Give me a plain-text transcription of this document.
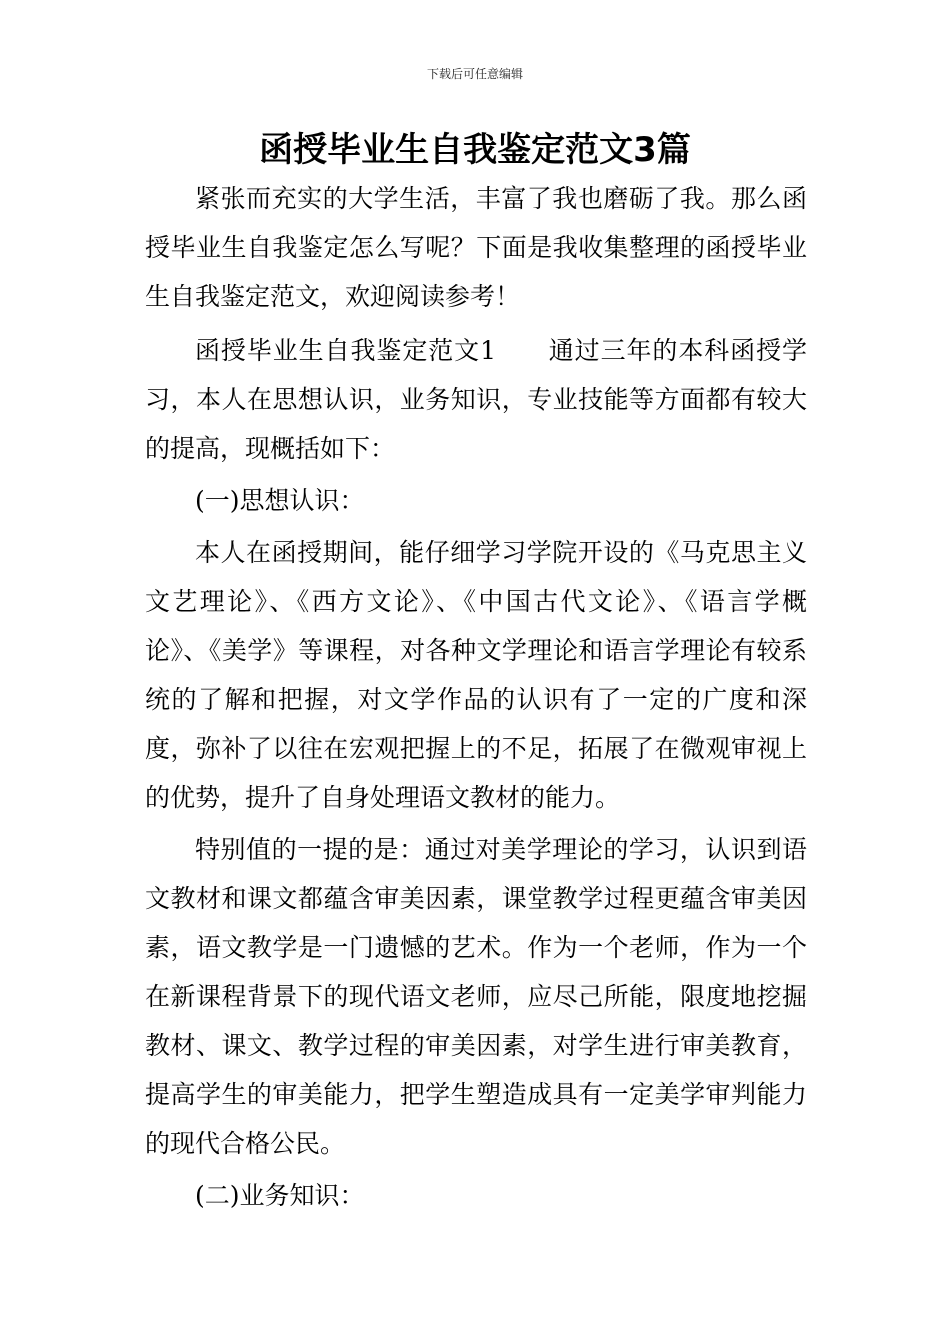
下载后可任意编辑
函授毕业生自我鉴定范文3篇

紧张而充实的大学生活，丰富了我也磨砺了我。那么函授毕业生自我鉴定怎么写呢？下面是我收集整理的函授毕业生自我鉴定范文，欢迎阅读参考！

函授毕业生自我鉴定范文1　　通过三年的本科函授学习，本人在思想认识，业务知识，专业技能等方面都有较大的提高，现概括如下：

(一)思想认识：

本人在函授期间，能仔细学习学院开设的《马克思主义文艺理论》、《西方文论》、《中国古代文论》、《语言学概论》、《美学》等课程，对各种文学理论和语言学理论有较系统的了解和把握，对文学作品的认识有了一定的广度和深度，弥补了以往在宏观把握上的不足，拓展了在微观审视上的优势，提升了自身处理语文教材的能力。

特别值的一提的是：通过对美学理论的学习，认识到语文教材和课文都蕴含审美因素，课堂教学过程更蕴含审美因素，语文教学是一门遗憾的艺术。作为一个老师，作为一个在新课程背景下的现代语文老师，应尽己所能，限度地挖掘教材、课文、教学过程的审美因素，对学生进行审美教育，提高学生的审美能力，把学生塑造成具有一定美学审判能力的现代合格公民。

(二)业务知识：
